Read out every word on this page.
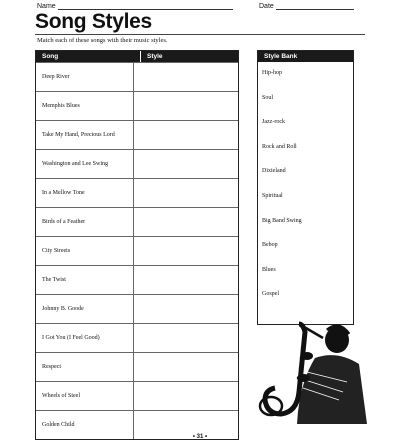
Name	Date
Song Styles
Match each of these songs with their music styles.
Song	Style
Deep River
Memphis Blues
Take My Hand, Precious Lord
Washington and Lee Swing
In a Mellow Tone
Birds of a Feather
City Streets
The Twist
Johnny B. Goode
I Got You (I Feel Good)
Respect
Wheels of Steel
Golden Child
Style Bank
Hip-hop
Soul
Jazz-rock
Rock and Roll
Dixieland
Spiritual
Big Band Swing
Bebop
Blues
Gospel
• 31 •
